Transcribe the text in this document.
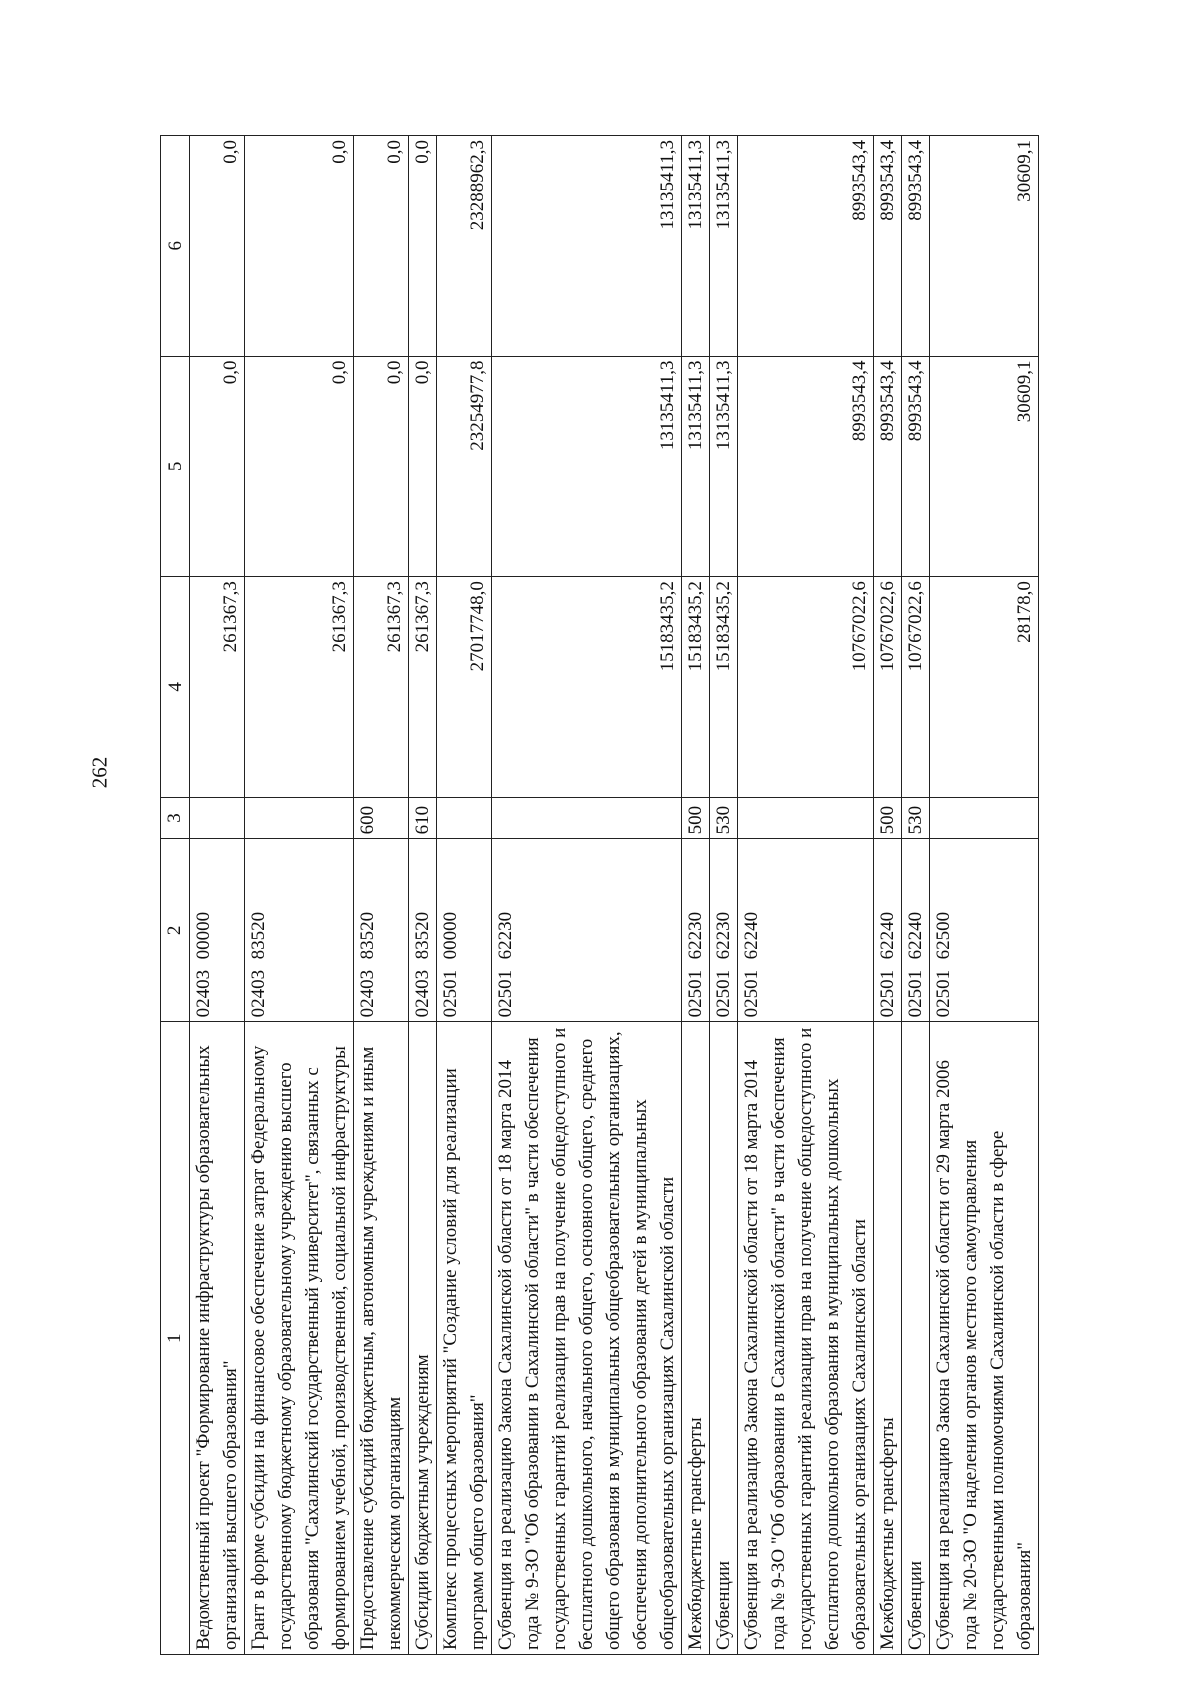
262
1	2	3	4	5	6
Ведомственный проект "Формирование инфраструктуры образовательных организаций высшего образования"	0240300000		261367,3	0,0	0,0
Грант в форме субсидии на финансовое обеспечение затрат Федеральному государственному бюджетному образовательному учреждению высшего образования "Сахалинский государственный университет", связанных с формированием учебной, производственной, социальной инфраструктуры	0240383520		261367,3	0,0	0,0
Предоставление субсидий бюджетным, автономным учреждениям и иным некоммерческим организациям	0240383520	600	261367,3	0,0	0,0
Субсидии бюджетным учреждениям	0240383520	610	261367,3	0,0	0,0
Комплекс процессных мероприятий "Создание условий для реализации программ общего образования"	0250100000		27017748,0	23254977,8	23288962,3
Субвенция на реализацию Закона Сахалинской области от 18 марта 2014 года № 9-ЗО "Об образовании в Сахалинской области" в части обеспечения государственных гарантий реализации прав на получение общедоступного и бесплатного дошкольного, начального общего, основного общего, среднего общего образования в муниципальных общеобразовательных организациях, обеспечения дополнительного образования детей в муниципальных общеобразовательных организациях Сахалинской области	0250162230		15183435,2	13135411,3	13135411,3
Межбюджетные трансферты	0250162230	500	15183435,2	13135411,3	13135411,3
Субвенции	0250162230	530	15183435,2	13135411,3	13135411,3
Субвенция на реализацию Закона Сахалинской области от 18 марта 2014 года № 9-ЗО "Об образовании в Сахалинской области" в части обеспечения государственных гарантий реализации прав на получение общедоступного и бесплатного дошкольного образования в муниципальных дошкольных образовательных организациях Сахалинской области	0250162240		10767022,6	8993543,4	8993543,4
Межбюджетные трансферты	0250162240	500	10767022,6	8993543,4	8993543,4
Субвенции	0250162240	530	10767022,6	8993543,4	8993543,4
Субвенция на реализацию Закона Сахалинской области от 29 марта 2006 года № 20-ЗО "О наделении органов местного самоуправления государственными полномочиями Сахалинской области в сфере образования"	0250162500		28178,0	30609,1	30609,1
